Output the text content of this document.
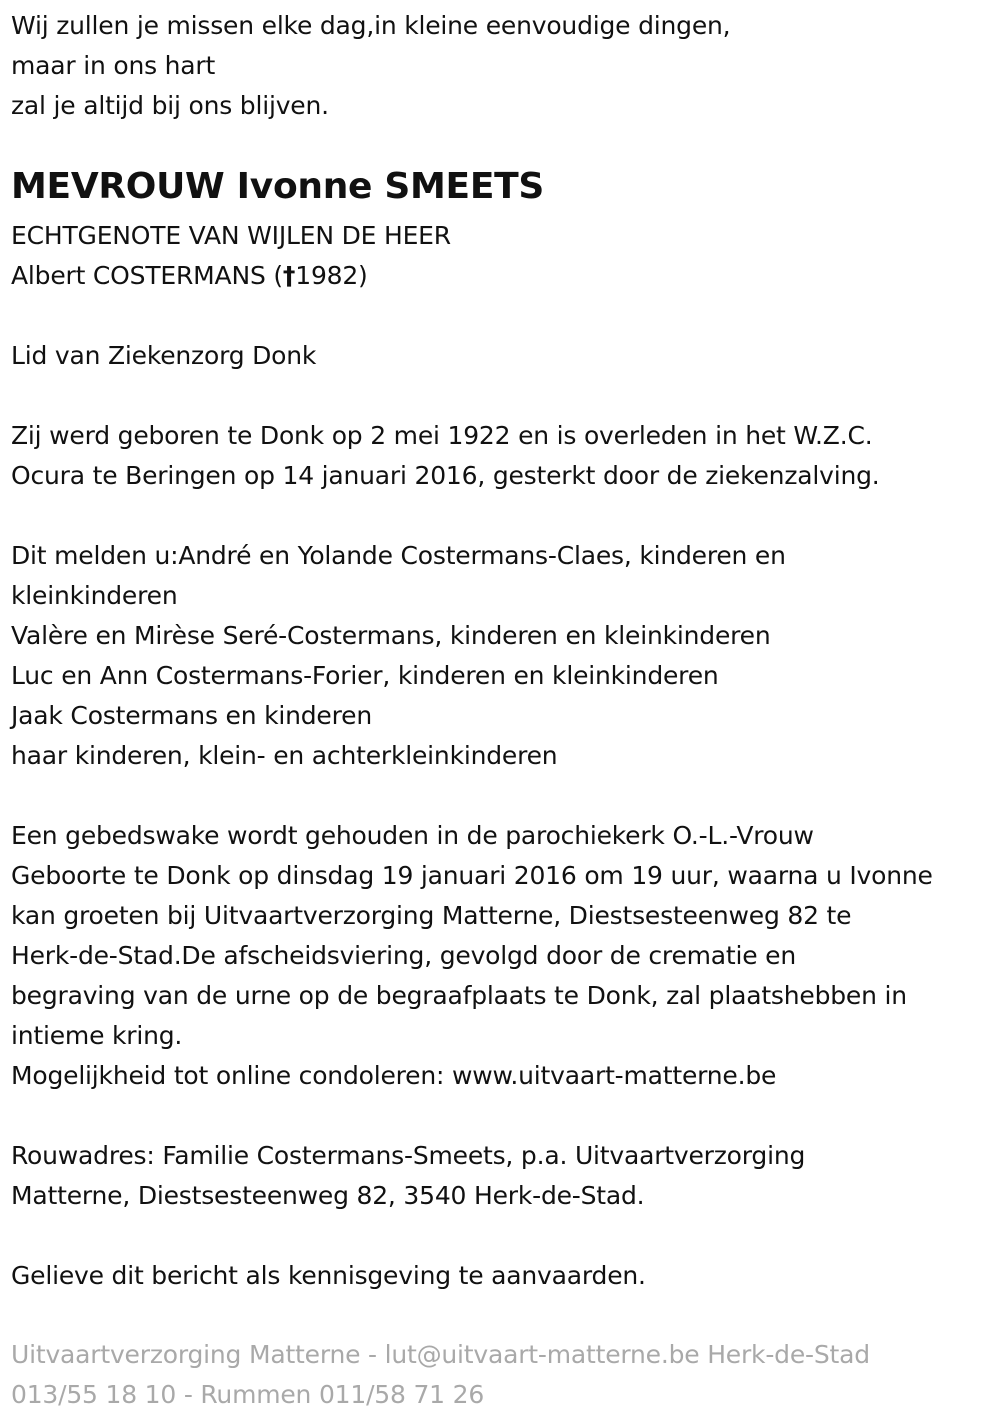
Wij zullen je missen elke dag,in kleine eenvoudige dingen,
maar in ons hart
zal je altijd bij ons blijven.
MEVROUW Ivonne SMEETS
ECHTGENOTE VAN WIJLEN DE HEER
Albert COSTERMANS (†1982)
Lid van Ziekenzorg Donk
Zij werd geboren te Donk op 2 mei 1922 en is overleden in het W.Z.C.
Ocura te Beringen op 14 januari 2016, gesterkt door de ziekenzalving.
Dit melden u:André en Yolande Costermans-Claes, kinderen en
kleinkinderen
Valère en Mirèse Seré-Costermans, kinderen en kleinkinderen
Luc en Ann Costermans-Forier, kinderen en kleinkinderen
Jaak Costermans en kinderen
haar kinderen, klein- en achterkleinkinderen
Een gebedswake wordt gehouden in de parochiekerk O.-L.-Vrouw
Geboorte te Donk op dinsdag 19 januari 2016 om 19 uur, waarna u Ivonne
kan groeten bij Uitvaartverzorging Matterne, Diestsesteenweg 82 te
Herk-de-Stad.De afscheidsviering, gevolgd door de crematie en
begraving van de urne op de begraafplaats te Donk, zal plaatshebben in
intieme kring.
Mogelijkheid tot online condoleren: www.uitvaart-matterne.be
Rouwadres: Familie Costermans-Smeets, p.a. Uitvaartverzorging
Matterne, Diestsesteenweg 82, 3540 Herk-de-Stad.
Gelieve dit bericht als kennisgeving te aanvaarden.
Uitvaartverzorging Matterne - lut@uitvaart-matterne.be Herk-de-Stad
013/55 18 10 - Rummen 011/58 71 26
